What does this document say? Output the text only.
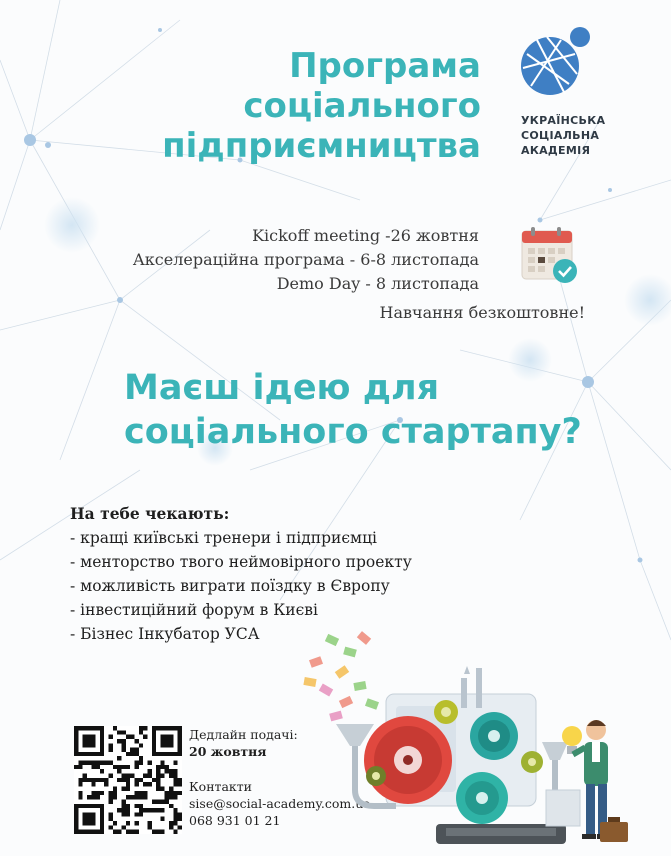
Програма
соціального
підприємництва
УКРАЇНСЬКА
СОЦІАЛЬНА
АКАДЕМІЯ
Kickoff meeting -26 жовтня
Акселераційна програма - 6-8 листопада
Demo Day - 8 листопада
Навчання безкоштовне!
Маєш ідею для
соціального стартапу?
На тебе чекають:
- кращі київські тренери і підприємці
- менторство твого неймовірного проекту
- можливість виграти поїздку в Європу
- інвестиційний форум в Києві
- Бізнес Інкубатор УСА
Дедлайн подачі:
20 жовтня
Контакти
sise@social-academy.com.ua
068 931 01 21
